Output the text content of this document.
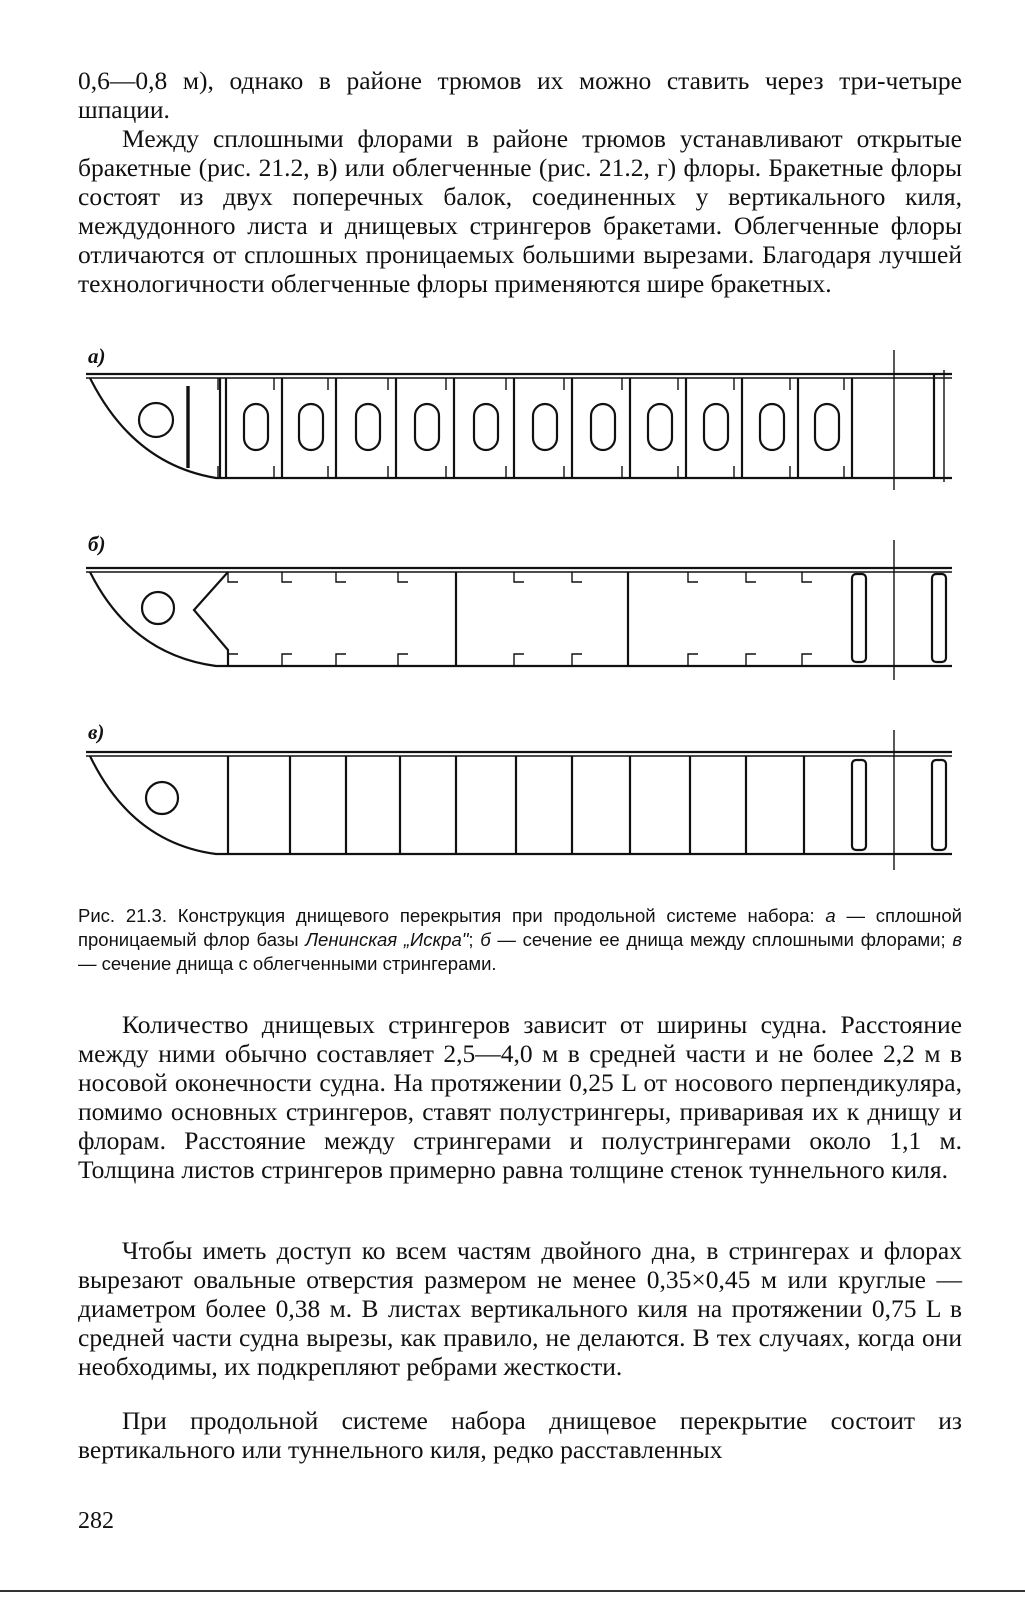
0,6—0,8 м), однако в районе трюмов их можно ставить через три-четыре шпации.

Между сплошными флорами в районе трюмов устанавливают открытые бракетные (рис. 21.2, в) или облегченные (рис. 21.2, г) флоры. Бракетные флоры состоят из двух поперечных балок, соединенных у вертикального киля, междудонного листа и днищевых стрингеров бракетами. Облегченные флоры отличаются от сплошных проницаемых большими вырезами. Благодаря лучшей технологичности облегченные флоры применяются шире бракетных.

а)
б)
в)

Рис. 21.3. Конструкция днищевого перекрытия при продольной системе набора: а — сплошной проницаемый флор базы Ленинская „Искра"; б — сечение ее днища между сплошными флорами; в — сечение днища с облегченными стрингерами.

Количество днищевых стрингеров зависит от ширины судна. Расстояние между ними обычно составляет 2,5—4,0 м в средней части и не более 2,2 м в носовой оконечности судна. На протяжении 0,25 L от носового перпендикуляра, помимо основных стрингеров, ставят полустрингеры, приваривая их к днищу и флорам. Расстояние между стрингерами и полустрингерами около 1,1 м. Толщина листов стрингеров примерно равна толщине стенок туннельного киля.

Чтобы иметь доступ ко всем частям двойного дна, в стрингерах и флорах вырезают овальные отверстия размером не менее 0,35×0,45 м или круглые — диаметром более 0,38 м. В листах вертикального киля на протяжении 0,75 L в средней части судна вырезы, как правило, не делаются. В тех случаях, когда они необходимы, их подкрепляют ребрами жесткости.

При продольной системе набора днищевое перекрытие состоит из вертикального или туннельного киля, редко расставленных

282
